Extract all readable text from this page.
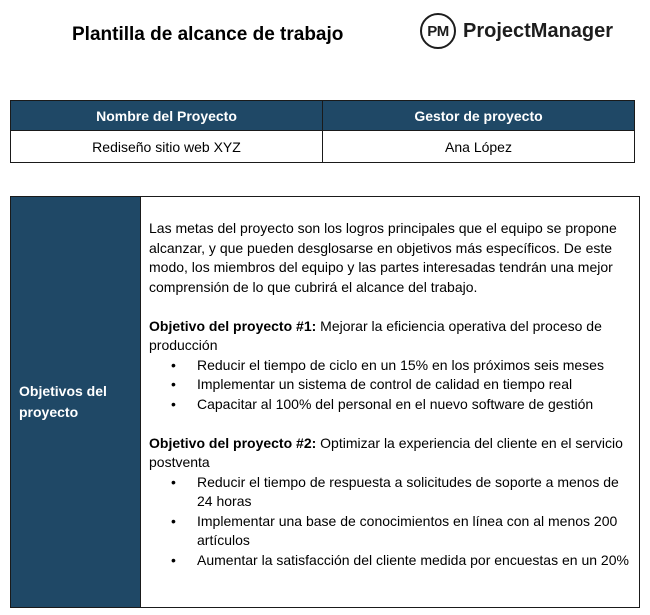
Plantilla de alcance de trabajo	PM ProjectManager
Nombre del Proyecto	Gestor de proyecto
Rediseño sitio web XYZ	Ana López
Objetivos del proyecto

Las metas del proyecto son los logros principales que el equipo se propone alcanzar, y que pueden desglosarse en objetivos más específicos. De este modo, los miembros del equipo y las partes interesadas tendrán una mejor comprensión de lo que cubrirá el alcance del trabajo.

Objetivo del proyecto #1: Mejorar la eficiencia operativa del proceso de producción

• Reducir el tiempo de ciclo en un 15% en los próximos seis meses
• Implementar un sistema de control de calidad en tiempo real
• Capacitar al 100% del personal en el nuevo software de gestión

Objetivo del proyecto #2: Optimizar la experiencia del cliente en el servicio postventa

• Reducir el tiempo de respuesta a solicitudes de soporte a menos de 24 horas
• Implementar una base de conocimientos en línea con al menos 200 artículos
• Aumentar la satisfacción del cliente medida por encuestas en un 20%
